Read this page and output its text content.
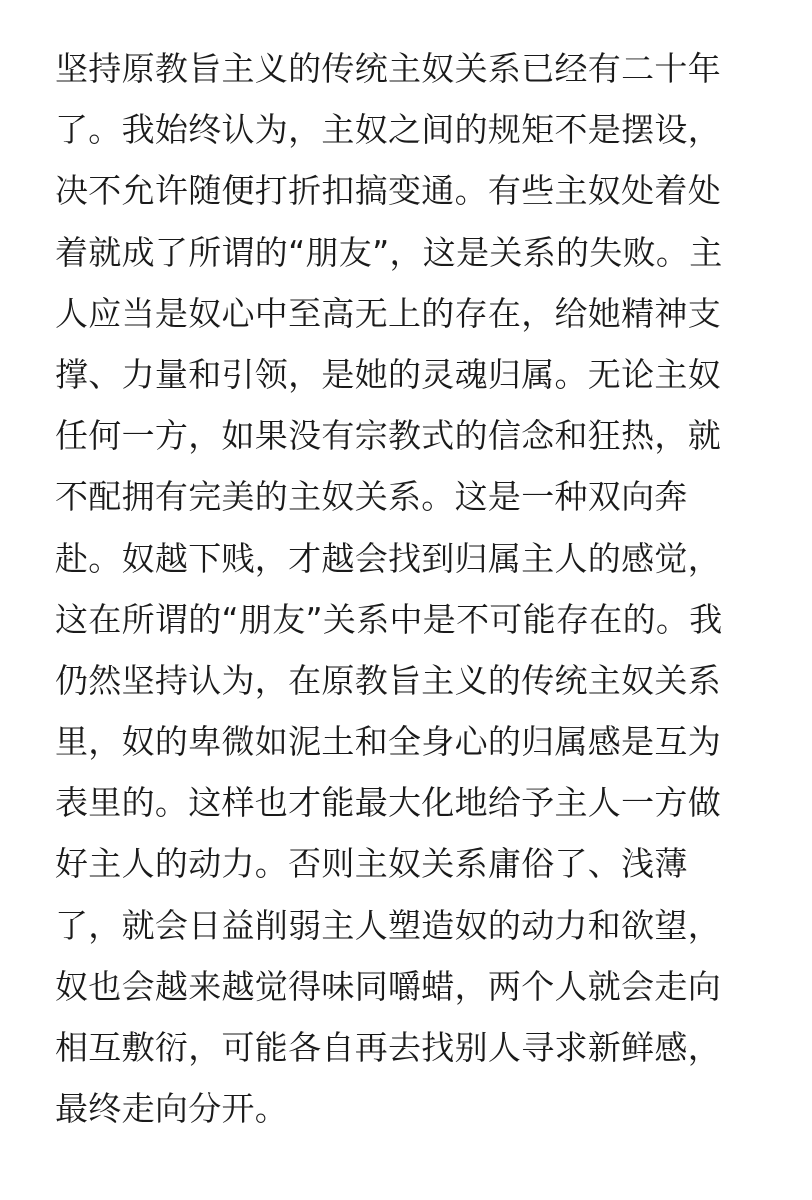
坚持原教旨主义的传统主奴关系已经有二十年
了。我始终认为，主奴之间的规矩不是摆设，
决不允许随便打折扣搞变通。有些主奴处着处
着就成了所谓的“朋友”，这是关系的失败。主
人应当是奴心中至高无上的存在，给她精神支
撑、力量和引领，是她的灵魂归属。无论主奴
任何一方，如果没有宗教式的信念和狂热，就
不配拥有完美的主奴关系。这是一种双向奔
赴。奴越下贱，才越会找到归属主人的感觉，
这在所谓的“朋友”关系中是不可能存在的。我
仍然坚持认为，在原教旨主义的传统主奴关系
里，奴的卑微如泥土和全身心的归属感是互为
表里的。这样也才能最大化地给予主人一方做
好主人的动力。否则主奴关系庸俗了、浅薄
了，就会日益削弱主人塑造奴的动力和欲望，
奴也会越来越觉得味同嚼蜡，两个人就会走向
相互敷衍，可能各自再去找别人寻求新鲜感，
最终走向分开。
